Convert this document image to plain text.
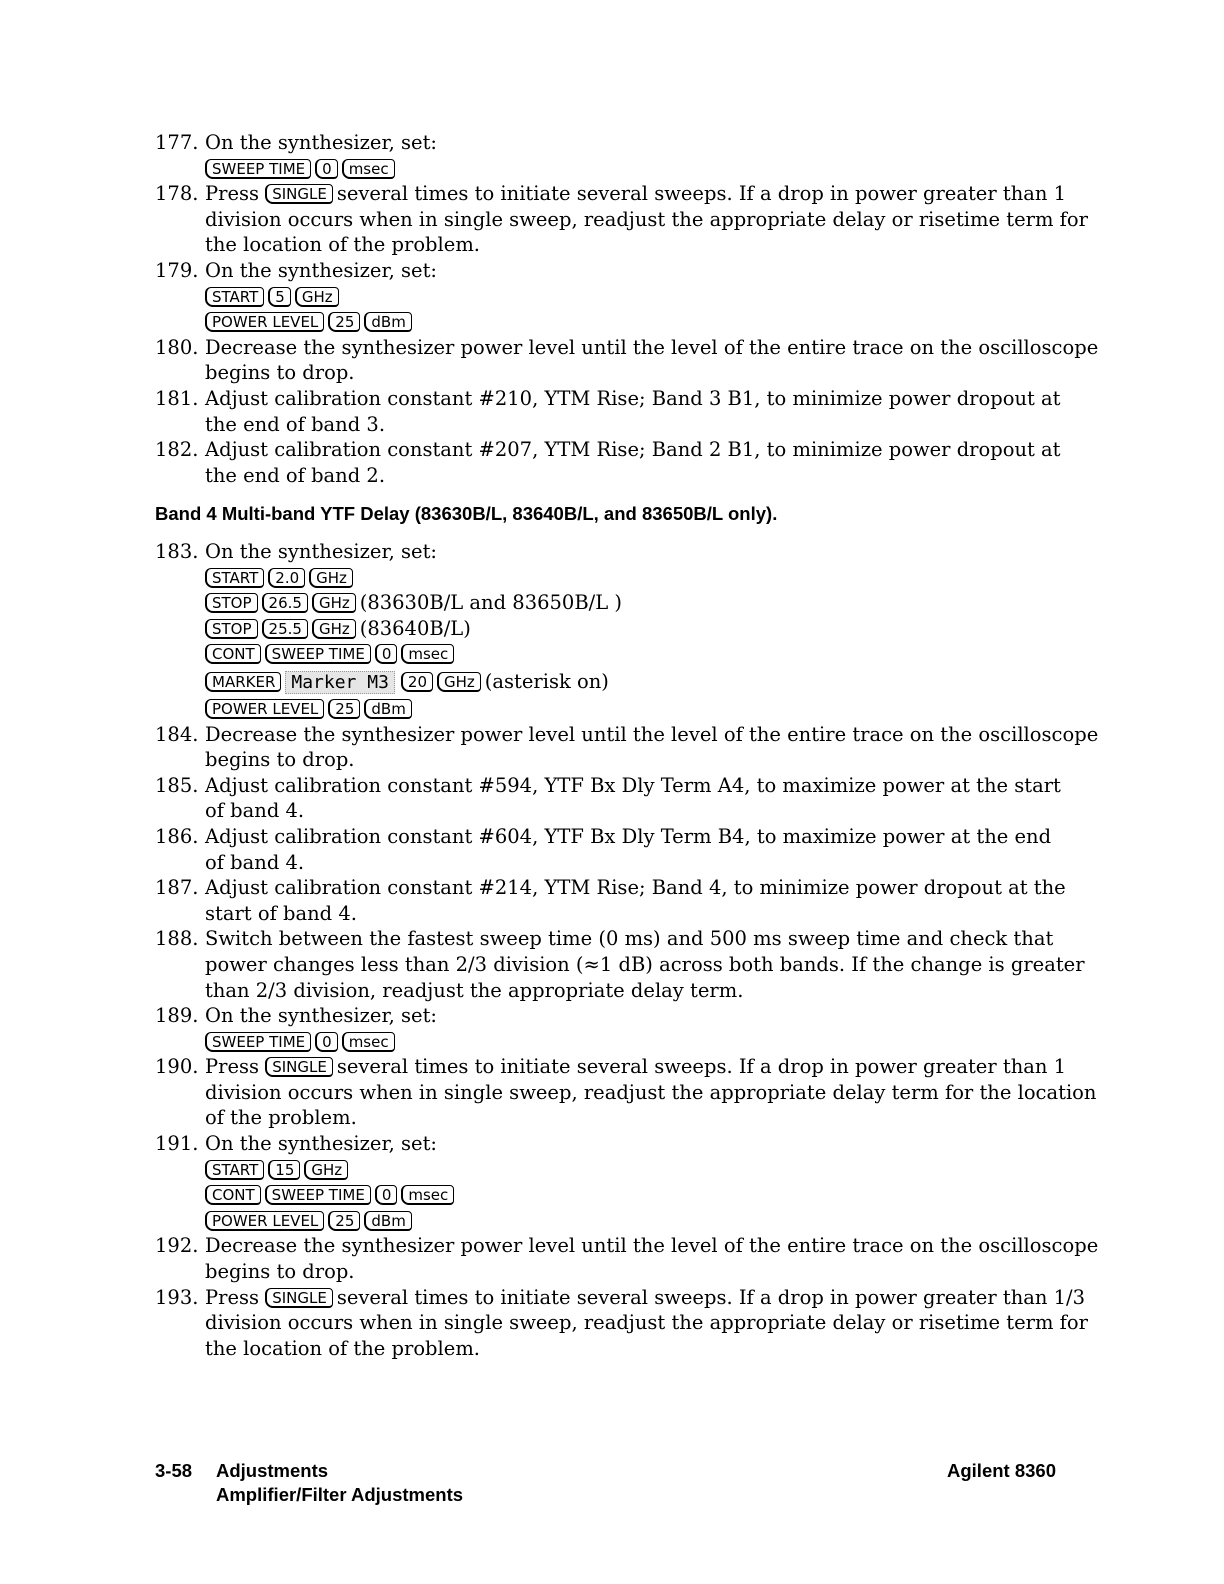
177. On the synthesizer, set:
SWEEP TIME 0 msec
178. Press SINGLE several times to initiate several sweeps. If a drop in power greater than 1
division occurs when in single sweep, readjust the appropriate delay or risetime term for
the location of the problem.
179. On the synthesizer, set:
START 5 GHz
POWER LEVEL 25 dBm
180. Decrease the synthesizer power level until the level of the entire trace on the oscilloscope
begins to drop.
181. Adjust calibration constant #210, YTM Rise; Band 3 B1, to minimize power dropout at
the end of band 3.
182. Adjust calibration constant #207, YTM Rise; Band 2 B1, to minimize power dropout at
the end of band 2.
Band 4 Multi-band YTF Delay (83630B/L, 83640B/L, and 83650B/L only).
183. On the synthesizer, set:
START 2.0 GHz
STOP 26.5 GHz (83630B/L and 83650B/L )
STOP 25.5 GHz (83640B/L)
CONT SWEEP TIME 0 msec
MARKER Marker M3 20 GHz (asterisk on)
POWER LEVEL 25 dBm
184. Decrease the synthesizer power level until the level of the entire trace on the oscilloscope
begins to drop.
185. Adjust calibration constant #594, YTF Bx Dly Term A4, to maximize power at the start
of band 4.
186. Adjust calibration constant #604, YTF Bx Dly Term B4, to maximize power at the end
of band 4.
187. Adjust calibration constant #214, YTM Rise; Band 4, to minimize power dropout at the
start of band 4.
188. Switch between the fastest sweep time (0 ms) and 500 ms sweep time and check that
power changes less than 2/3 division (≈1 dB) across both bands. If the change is greater
than 2/3 division, readjust the appropriate delay term.
189. On the synthesizer, set:
SWEEP TIME 0 msec
190. Press SINGLE several times to initiate several sweeps. If a drop in power greater than 1
division occurs when in single sweep, readjust the appropriate delay term for the location
of the problem.
191. On the synthesizer, set:
START 15 GHz
CONT SWEEP TIME 0 msec
POWER LEVEL 25 dBm
192. Decrease the synthesizer power level until the level of the entire trace on the oscilloscope
begins to drop.
193. Press SINGLE several times to initiate several sweeps. If a drop in power greater than 1/3
division occurs when in single sweep, readjust the appropriate delay or risetime term for
the location of the problem.
3-58 Adjustments
Amplifier/Filter Adjustments
Agilent 8360
